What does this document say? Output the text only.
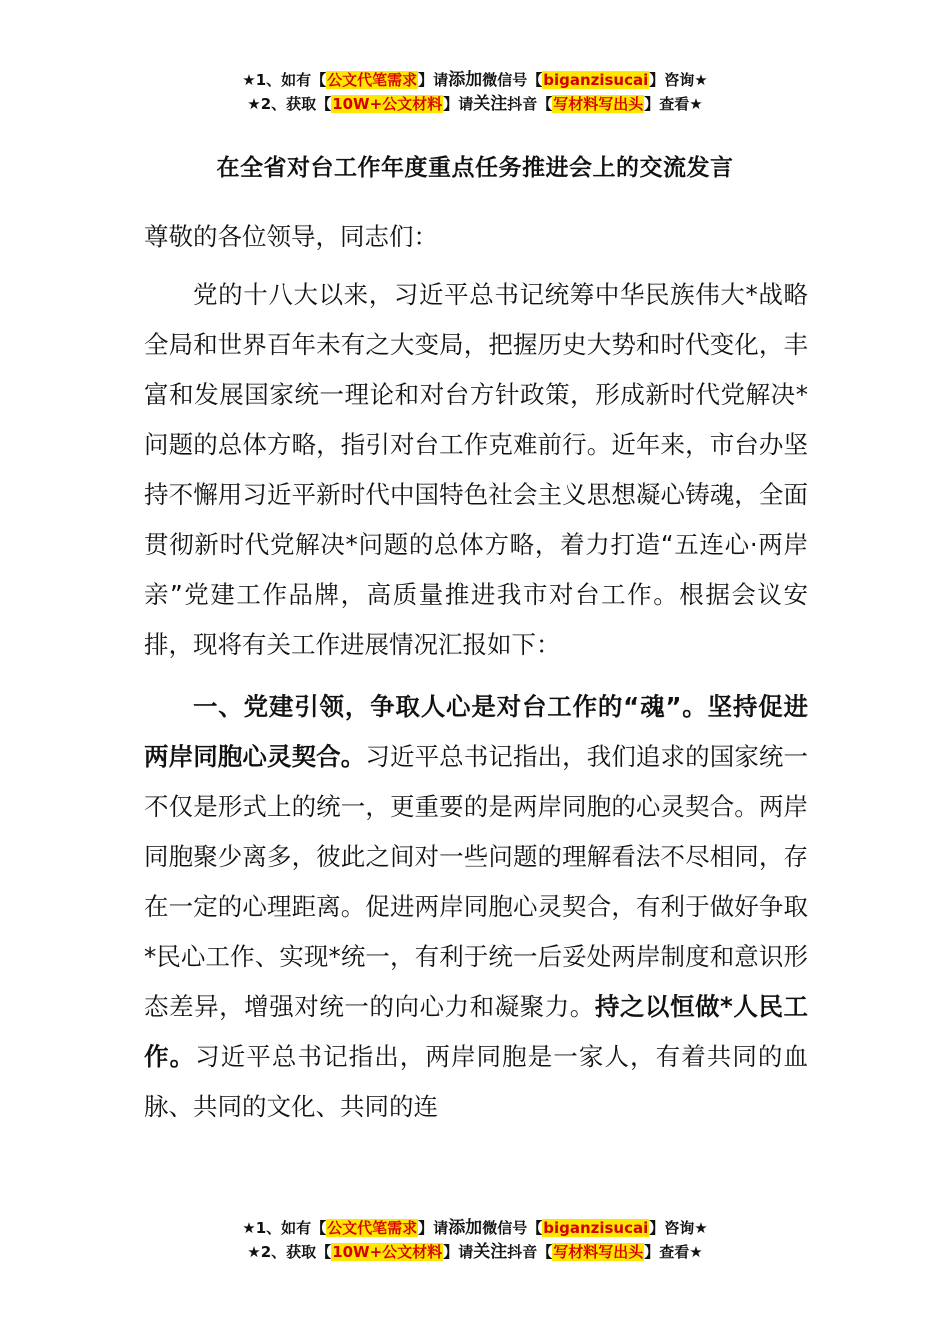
★1、如有【公文代笔需求】请添加微信号【biganzisucai】咨询★
★2、获取【10W+公文材料】请关注抖音【写材料写出头】查看★
在全省对台工作年度重点任务推进会上的交流发言

尊敬的各位领导，同志们：

党的十八大以来，习近平总书记统筹中华民族伟大*战略全局和世界百年未有之大变局，把握历史大势和时代变化，丰富和发展国家统一理论和对台方针政策，形成新时代党解决*问题的总体方略，指引对台工作克难前行。近年来，市台办坚持不懈用习近平新时代中国特色社会主义思想凝心铸魂，全面贯彻新时代党解决*问题的总体方略，着力打造“五连心·两岸亲”党建工作品牌，高质量推进我市对台工作。根据会议安排，现将有关工作进展情况汇报如下：

一、党建引领，争取人心是对台工作的“魂”。坚持促进两岸同胞心灵契合。习近平总书记指出，我们追求的国家统一不仅是形式上的统一，更重要的是两岸同胞的心灵契合。两岸同胞聚少离多，彼此之间对一些问题的理解看法不尽相同，存在一定的心理距离。促进两岸同胞心灵契合，有利于做好争取*民心工作、实现*统一，有利于统一后妥处两岸制度和意识形态差异，增强对统一的向心力和凝聚力。持之以恒做*人民工作。习近平总书记指出，两岸同胞是一家人，有着共同的血脉、共同的文化、共同的连

★1、如有【公文代笔需求】请添加微信号【biganzisucai】咨询★
★2、获取【10W+公文材料】请关注抖音【写材料写出头】查看★
